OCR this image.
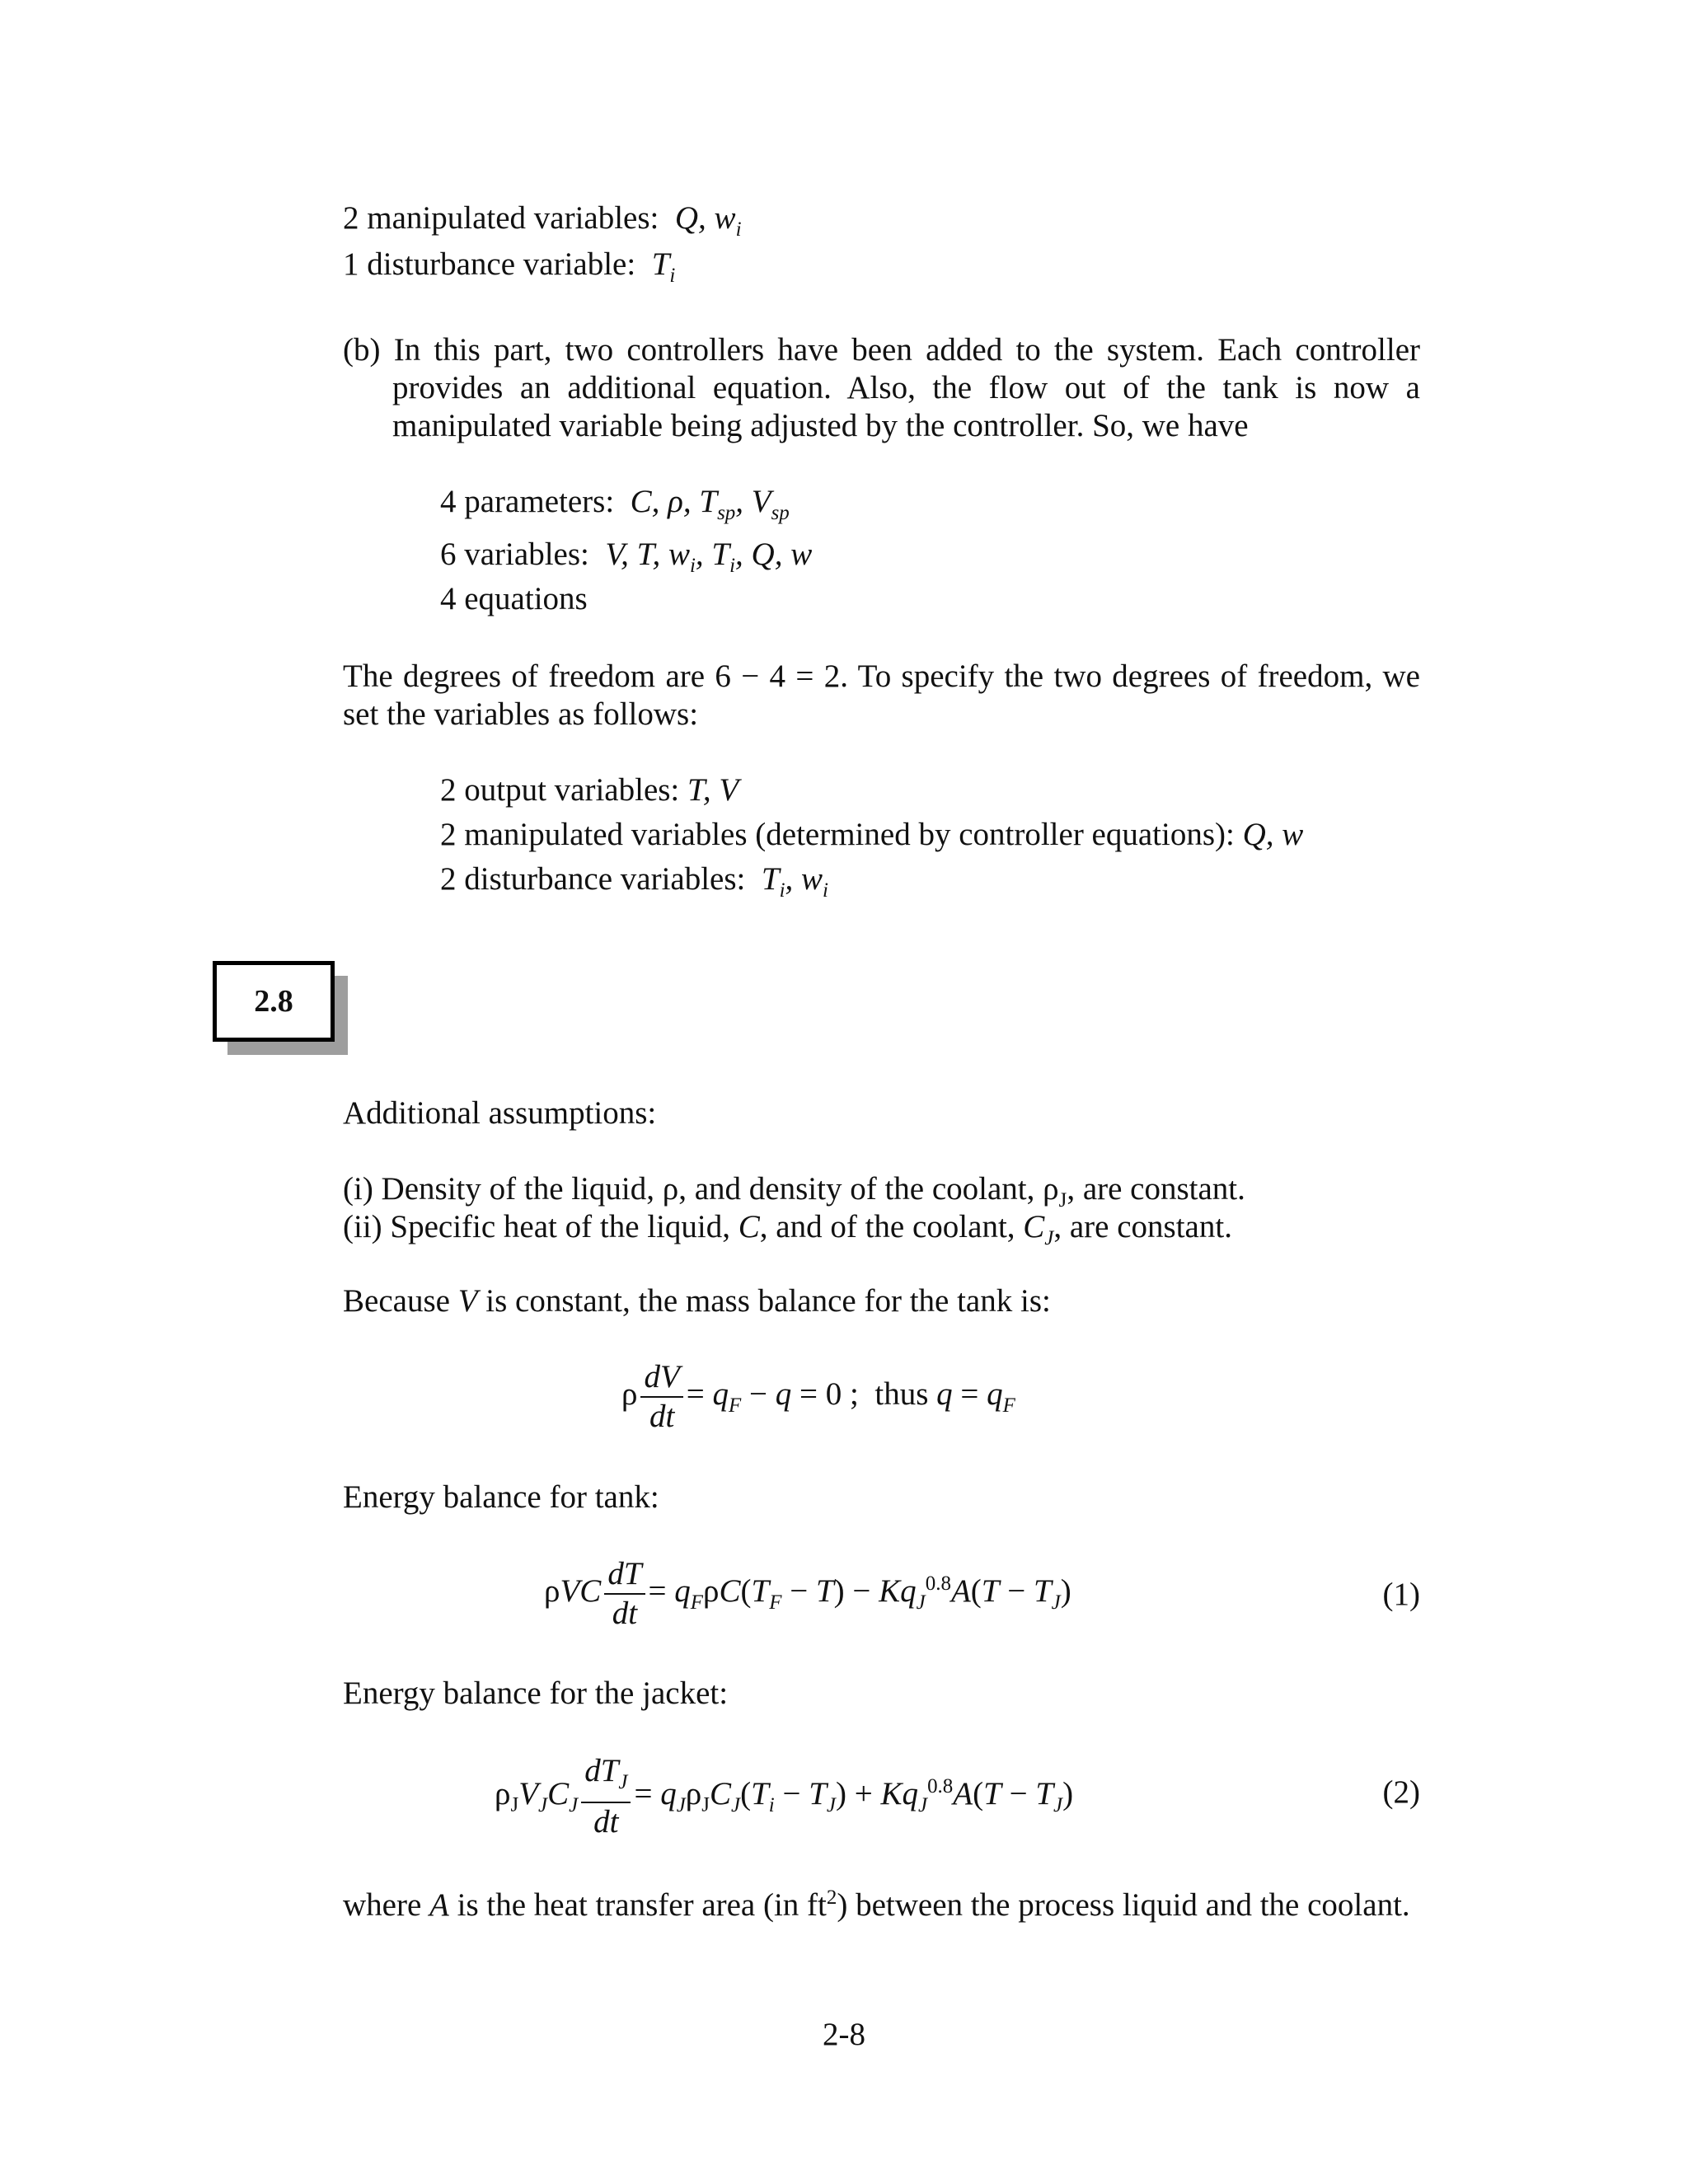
2 manipulated variables:  Q, $w_i$
1 disturbance variable:  $T_i$
(b) In this part, two controllers have been added to the system. Each controller provides an additional equation. Also, the flow out of the tank is now a manipulated variable being adjusted by the controller. So, we have
4 parameters:  C, ρ, $T_{sp}$, $V_{sp}$
6 variables:  V, T, $w_i$, $T_i$, Q, w
4 equations
The degrees of freedom are 6 − 4 = 2. To specify the two degrees of freedom, we set the variables as follows:
2 output variables: T, V
2 manipulated variables (determined by controller equations): Q, w
2 disturbance variables:  $T_i$, $w_i$
2.8
Additional assumptions:
(i) Density of the liquid, ρ, and density of the coolant, $\rho_J$, are constant.
(ii) Specific heat of the liquid, C, and of the coolant, $C_J$, are constant.
Because V is constant, the mass balance for the tank is:
ρ $\frac{dV}{dt} = q_F - q = 0$ ;  thus $q = q_F$
Energy balance for tank:
ρVC $\frac{dT}{dt} = q_F\rho C(T_F - T) - Kq_J^{0.8}A(T - T_J)$	(1)
Energy balance for the jacket:
$\rho_JV_JC_J \frac{dT_J}{dt} = q_J\rho_JC_J(T_i - T_J) + Kq_J^{0.8}A(T - T_J)$	(2)
where A is the heat transfer area (in $ft^2$) between the process liquid and the coolant.
2-8
